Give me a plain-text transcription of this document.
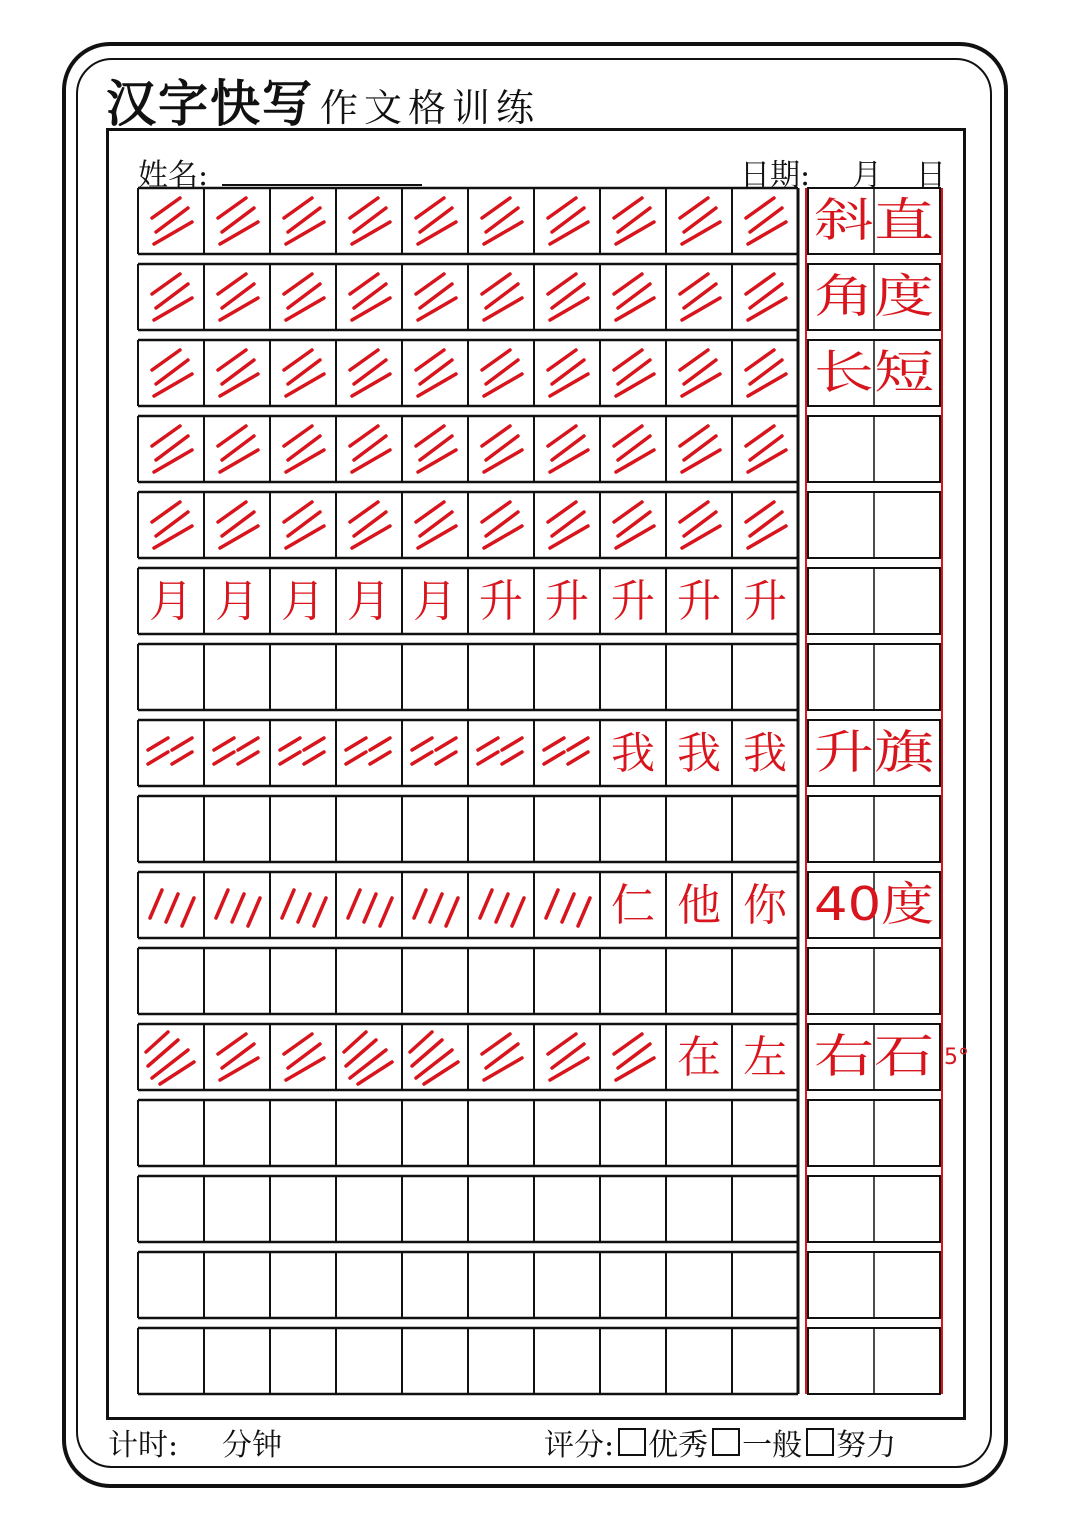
汉字快写 作文格训练
姓名:	日期: 月 日
月 月 月 月 月 升 升 升 升 升
我 我 我
仁 他 你
在 左
斜直
角度
长短
升旗
40度
右石 5°
计时: 分钟	评分: 优秀 一般 努力
